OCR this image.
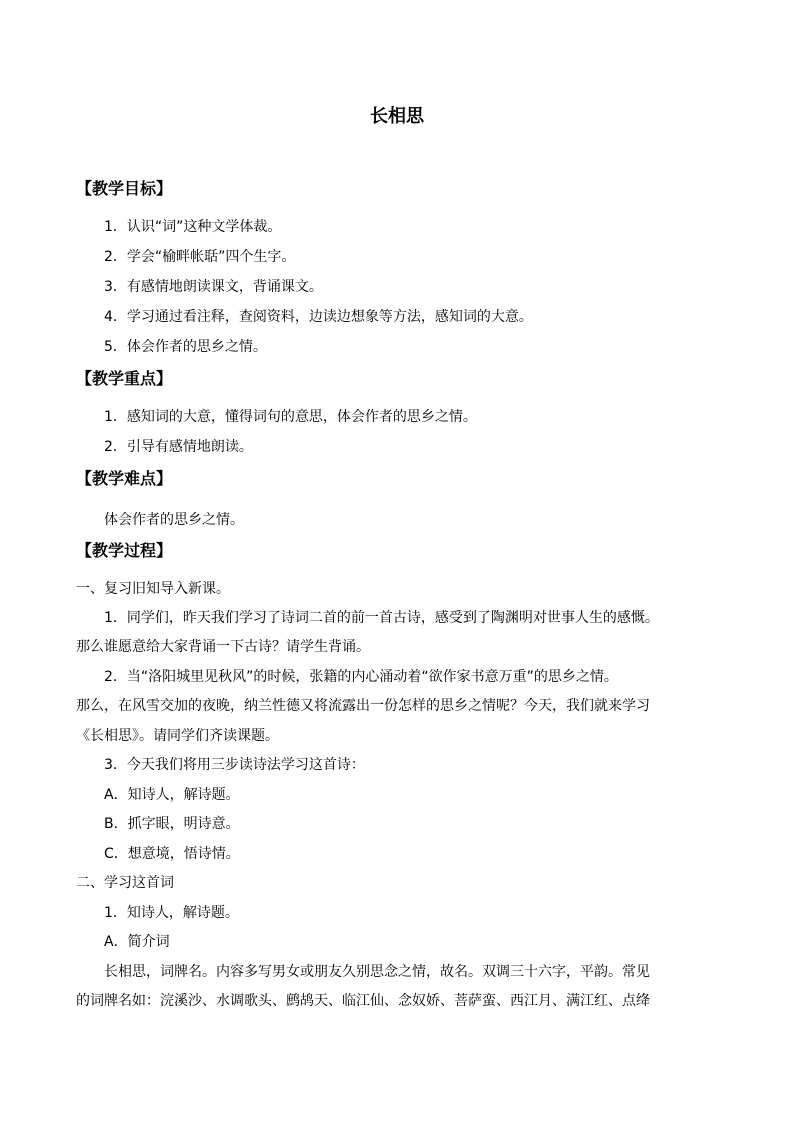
长相思
【教学目标】
1．认识“词”这种文学体裁。
2．学会“榆畔帐聒”四个生字。
3．有感情地朗读课文，背诵课文。
4．学习通过看注释，查阅资料，边读边想象等方法，感知词的大意。
5．体会作者的思乡之情。
【教学重点】
1．感知词的大意，懂得词句的意思，体会作者的思乡之情。
2．引导有感情地朗读。
【教学难点】
体会作者的思乡之情。
【教学过程】
一、复习旧知导入新课。
1．同学们，昨天我们学习了诗词二首的前一首古诗，感受到了陶渊明对世事人生的感慨。
那么谁愿意给大家背诵一下古诗？请学生背诵。
2．当“洛阳城里见秋风”的时候，张籍的内心涌动着“欲作家书意万重”的思乡之情。
那么，在风雪交加的夜晚，纳兰性德又将流露出一份怎样的思乡之情呢？今天，我们就来学习
《长相思》。请同学们齐读课题。
3．今天我们将用三步读诗法学习这首诗：
A．知诗人，解诗题。
B．抓字眼，明诗意。
C．想意境，悟诗情。
二、学习这首词
1．知诗人，解诗题。
A．简介词
长相思，词牌名。内容多写男女或朋友久别思念之情，故名。双调三十六字，平韵。常见
的词牌名如：浣溪沙、水调歌头、鹧鸪天、临江仙、念奴娇、菩萨蛮、西江月、满江红、点绛
